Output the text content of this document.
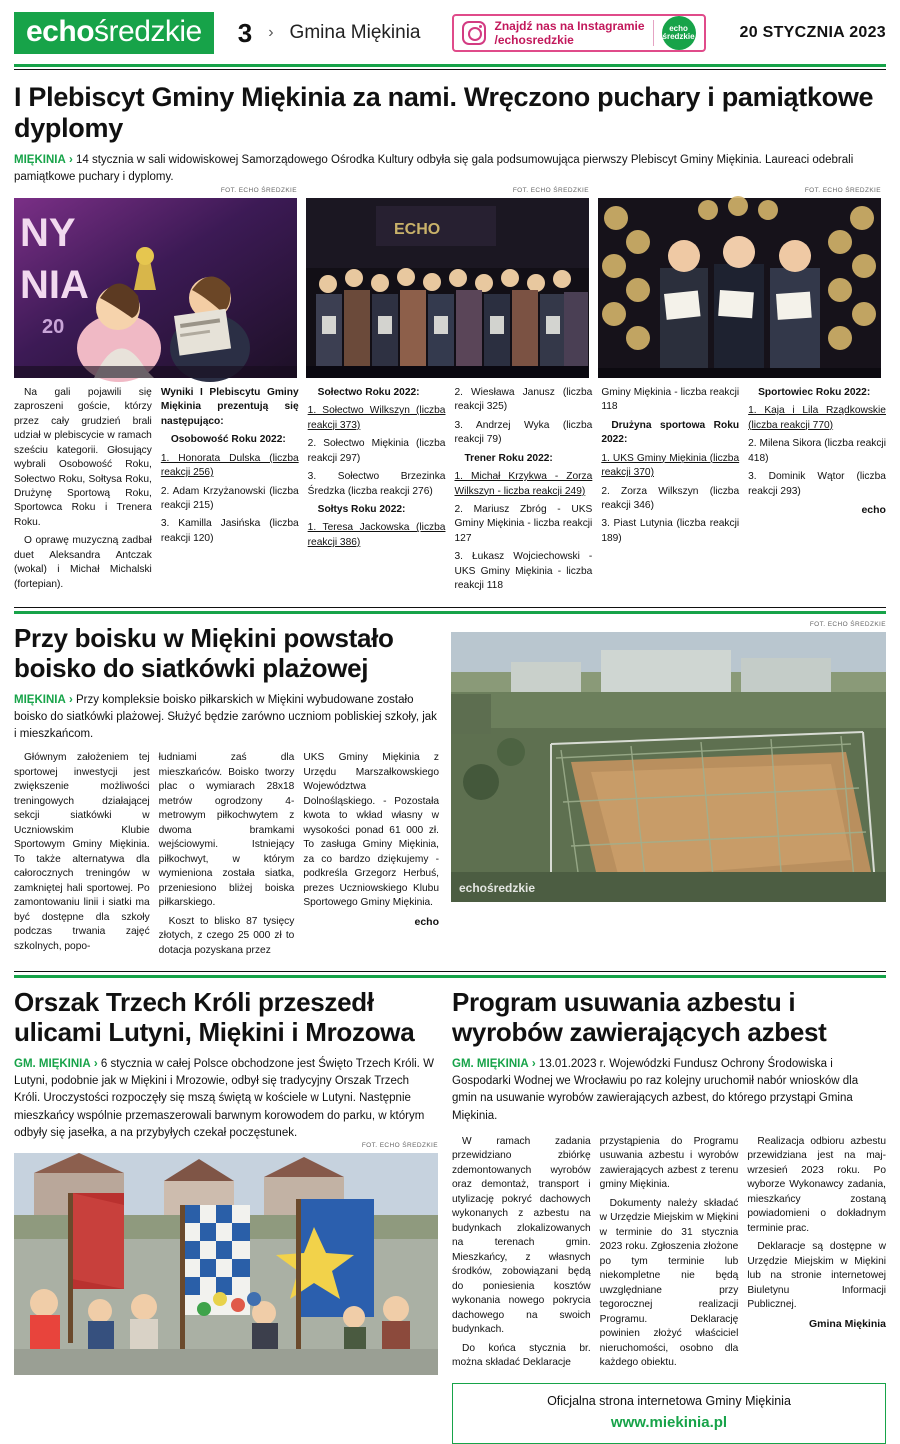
echośredzkie	3 › Gmina Miękinia	Znajdź nas na Instagramie
/echosredzkie
echo
średzkie	20 STYCZNIA 2023
I Plebiscyt Gminy Miękinia za nami. Wręczono puchary i pamiątkowe dyplomy

MIĘKINIA › 14 stycznia w sali widowiskowej Samorządowego Ośrodka Kultury odbyła się gala podsumowująca pierwszy Plebiscyt Gminy Miękinia. Laureaci odebrali pamiątkowe puchary i dyplomy.

FOT. ECHO ŚREDZKIE
NY
NIA
20
FOT. ECHO ŚREDZKIE
ECHO
FOT. ECHO ŚREDZKIE

Na gali pojawili się zaproszeni goście, którzy przez cały grudzień brali udział w plebiscycie w ramach sześciu kategorii. Głosujący wybrali Osobowość Roku, Sołectwo Roku, Sołtysa Roku, Drużynę Sportową Roku, Sportowca Roku i Trenera Roku.

O oprawę muzyczną zadbał duet Aleksandra Antczak (wokal) i Michał Michalski (fortepian).

Wyniki I Plebiscytu Gminy Miękinia prezentują się następująco:

Osobowość Roku 2022:

1. Honorata Dulska (liczba reakcji 256)

2. Adam Krzyżanowski (liczba reakcji 215)

3. Kamilla Jasińska (liczba reakcji 120)

Sołectwo Roku 2022:

1. Sołectwo Wilkszyn (liczba reakcji 373)

2. Sołectwo Miękinia (liczba reakcji 297)

3. Sołectwo Brzezinka Średzka (liczba reakcji 276)

Sołtys Roku 2022:

1. Teresa Jackowska (liczba reakcji 386)

2. Wiesława Janusz (liczba reakcji 325)

3. Andrzej Wyka (liczba reakcji 79)

Trener Roku 2022:

1. Michał Krzykwa - Zorza Wilkszyn - liczba reakcji 249)

2. Mariusz Zbróg - UKS Gminy Miękinia - liczba reakcji 127

3. Łukasz Wojciechowski - UKS Gminy Miękinia - liczba reakcji 118

Gminy Miękinia - liczba reakcji 118

Drużyna sportowa Roku 2022:

1. UKS Gminy Miękinia (liczba reakcji 370)

2. Zorza Wilkszyn (liczba reakcji 346)

3. Piast Lutynia (liczba reakcji 189)

Sportowiec Roku 2022:

1. Kaja i Lila Rządkowskie (liczba reakcji 770)

2. Milena Sikora (liczba reakcji 418)

3. Dominik Wątor (liczba reakcji 293)

echo

Przy boisku w Miękini powstało boisko do siatkówki plażowej

MIĘKINIA › Przy kompleksie boisko piłkarskich w Miękini wybudowane zostało boisko do siatkówki plażowej. Służyć będzie zarówno uczniom pobliskiej szkoły, jak i mieszkańcom.

Głównym założeniem tej sportowej inwestycji jest zwiększenie możliwości treningowych działającej sekcji siatkówki w Uczniowskim Klubie Sportowym Gminy Miękinia. To także alternatywa dla całorocznych treningów w zamkniętej hali sportowej. Po zamontowaniu linii i siatki ma być dostępne dla szkoły podczas trwania zajęć szkolnych, popo-

łudniami zaś dla mieszkańców. Boisko tworzy plac o wymiarach 28x18 metrów ogrodzony 4-metrowym piłkochwytem z dwoma bramkami wejściowymi. Istniejący piłkochwyt, w którym wymieniona została siatka, przeniesiono bliżej boiska piłkarskiego.

Koszt to blisko 87 tysięcy złotych, z czego 25 000 zł to dotacja pozyskana przez

UKS Gminy Miękinia z Urzędu Marszałkowskiego Województwa Dolnośląskiego. - Pozostała kwota to wkład własny w wysokości ponad 61 000 zł. To zasługa Gminy Miękinia, za co bardzo dziękujemy - podkreśla Grzegorz Herbuś, prezes Uczniowskiego Klubu Sportowego Gminy Miękinia.

echo

FOT. ECHO ŚREDZKIE
echośredzkie
Orszak Trzech Króli przeszedł ulicami Lutyni, Miękini i Mrozowa

GM. MIĘKINIA › 6 stycznia w całej Polsce obchodzone jest Święto Trzech Króli. W Lutyni, podobnie jak w Miękini i Mrozowie, odbył się tradycyjny Orszak Trzech Króli. Uroczystości rozpoczęły się mszą świętą w kościele w Lutyni. Następnie mieszkańcy wspólnie przemaszerowali barwnym korowodem do parku, w którym odbyły się jasełka, a na przybyłych czekał poczęstunek.

FOT. ECHO ŚREDZKIE
Program usuwania azbestu i wyrobów zawierających azbest

GM. MIĘKINIA › 13.01.2023 r. Wojewódzki Fundusz Ochrony Środowiska i Gospodarki Wodnej we Wrocławiu po raz kolejny uruchomił nabór wniosków dla gmin na usuwanie wyrobów zawierających azbest, do którego przystąpi Gmina Miękinia.

W ramach zadania przewidziano zbiórkę zdemontowanych wyrobów oraz demontaż, transport i utylizację pokryć dachowych wykonanych z azbestu na budynkach zlokalizowanych na terenach gmin. Mieszkańcy, z własnych środków, zobowiązani będą do poniesienia kosztów wykonania nowego pokrycia dachowego na swoich budynkach.

Do końca stycznia br. można składać Deklaracje

przystąpienia do Programu usuwania azbestu i wyrobów zawierających azbest z terenu gminy Miękinia.

Dokumenty należy składać w Urzędzie Miejskim w Miękini w terminie do 31 stycznia 2023 roku. Zgłoszenia złożone po tym terminie lub niekompletne nie będą uwzględniane przy tegorocznej realizacji Programu. Deklarację powinien złożyć właściciel nieruchomości, osobno dla każdego obiektu.

Realizacja odbioru azbestu przewidziana jest na maj-wrzesień 2023 roku. Po wyborze Wykonawcy zadania, mieszkańcy zostaną powiadomieni o dokładnym terminie prac.

Deklaracje są dostępne w Urzędzie Miejskim w Miękini lub na stronie internetowej Biuletynu Informacji Publicznej.

Gmina Miękinia

Oficjalna strona internetowa Gminy Miękinia
www.miekinia.pl
